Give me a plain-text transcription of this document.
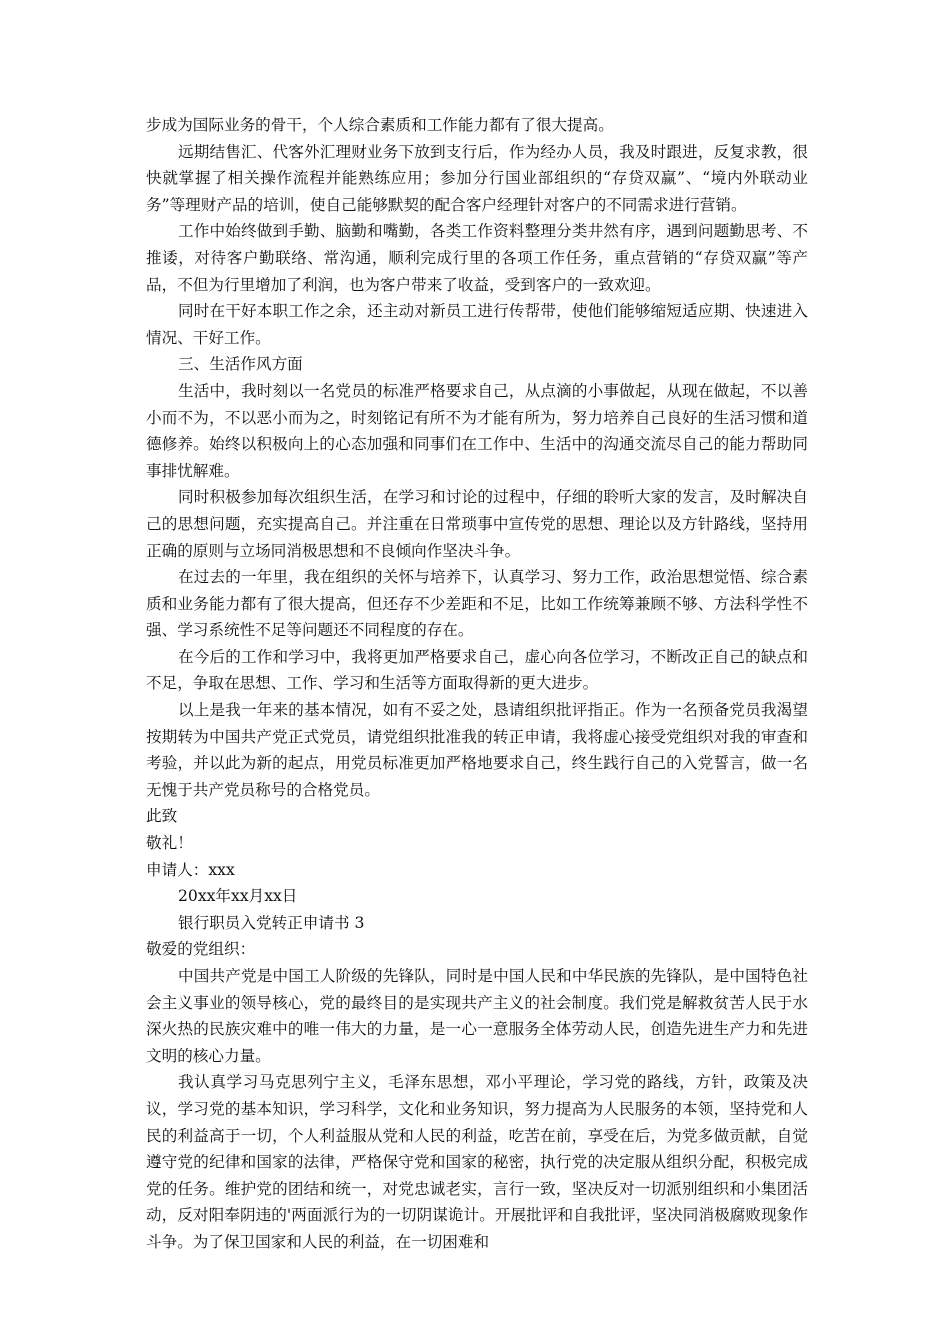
步成为国际业务的骨干，个人综合素质和工作能力都有了很大提高。

远期结售汇、代客外汇理财业务下放到支行后，作为经办人员，我及时跟进，反复求教，很快就掌握了相关操作流程并能熟练应用；参加分行国业部组织的“存贷双赢”、“境内外联动业务”等理财产品的培训，使自己能够默契的配合客户经理针对客户的不同需求进行营销。

工作中始终做到手勤、脑勤和嘴勤，各类工作资料整理分类井然有序，遇到问题勤思考、不推诿，对待客户勤联络、常沟通，顺利完成行里的各项工作任务，重点营销的“存贷双赢”等产品，不但为行里增加了利润，也为客户带来了收益，受到客户的一致欢迎。

同时在干好本职工作之余，还主动对新员工进行传帮带，使他们能够缩短适应期、快速进入情况、干好工作。

三、生活作风方面

生活中，我时刻以一名党员的标准严格要求自己，从点滴的小事做起，从现在做起，不以善小而不为，不以恶小而为之，时刻铭记有所不为才能有所为，努力培养自己良好的生活习惯和道德修养。始终以积极向上的心态加强和同事们在工作中、生活中的沟通交流尽自己的能力帮助同事排忧解难。

同时积极参加每次组织生活，在学习和讨论的过程中，仔细的聆听大家的发言，及时解决自己的思想问题，充实提高自己。并注重在日常琐事中宣传党的思想、理论以及方针路线，坚持用正确的原则与立场同消极思想和不良倾向作坚决斗争。

在过去的一年里，我在组织的关怀与培养下，认真学习、努力工作，政治思想觉悟、综合素质和业务能力都有了很大提高，但还存不少差距和不足，比如工作统筹兼顾不够、方法科学性不强、学习系统性不足等问题还不同程度的存在。

在今后的工作和学习中，我将更加严格要求自己，虚心向各位学习，不断改正自己的缺点和不足，争取在思想、工作、学习和生活等方面取得新的更大进步。

以上是我一年来的基本情况，如有不妥之处，恳请组织批评指正。作为一名预备党员我渴望按期转为中国共产党正式党员，请党组织批准我的转正申请，我将虚心接受党组织对我的审查和考验，并以此为新的起点，用党员标准更加严格地要求自己，终生践行自己的入党誓言，做一名无愧于共产党员称号的合格党员。

此致

敬礼！

申请人：xxx

20xx年xx月xx日

银行职员入党转正申请书 3

敬爱的党组织：

中国共产党是中国工人阶级的先锋队，同时是中国人民和中华民族的先锋队，是中国特色社会主义事业的领导核心，党的最终目的是实现共产主义的社会制度。我们党是解救贫苦人民于水深火热的民族灾难中的唯一伟大的力量，是一心一意服务全体劳动人民，创造先进生产力和先进文明的核心力量。

我认真学习马克思列宁主义，毛泽东思想，邓小平理论，学习党的路线，方针，政策及决议，学习党的基本知识，学习科学，文化和业务知识，努力提高为人民服务的本领，坚持党和人民的利益高于一切，个人利益服从党和人民的利益，吃苦在前，享受在后，为党多做贡献，自觉遵守党的纪律和国家的法律，严格保守党和国家的秘密，执行党的决定服从组织分配，积极完成党的任务。维护党的团结和统一，对党忠诚老实，言行一致，坚决反对一切派别组织和小集团活动，反对阳奉阴违的'两面派行为的一切阴谋诡计。开展批评和自我批评，坚决同消极腐败现象作斗争。为了保卫国家和人民的利益，在一切困难和
